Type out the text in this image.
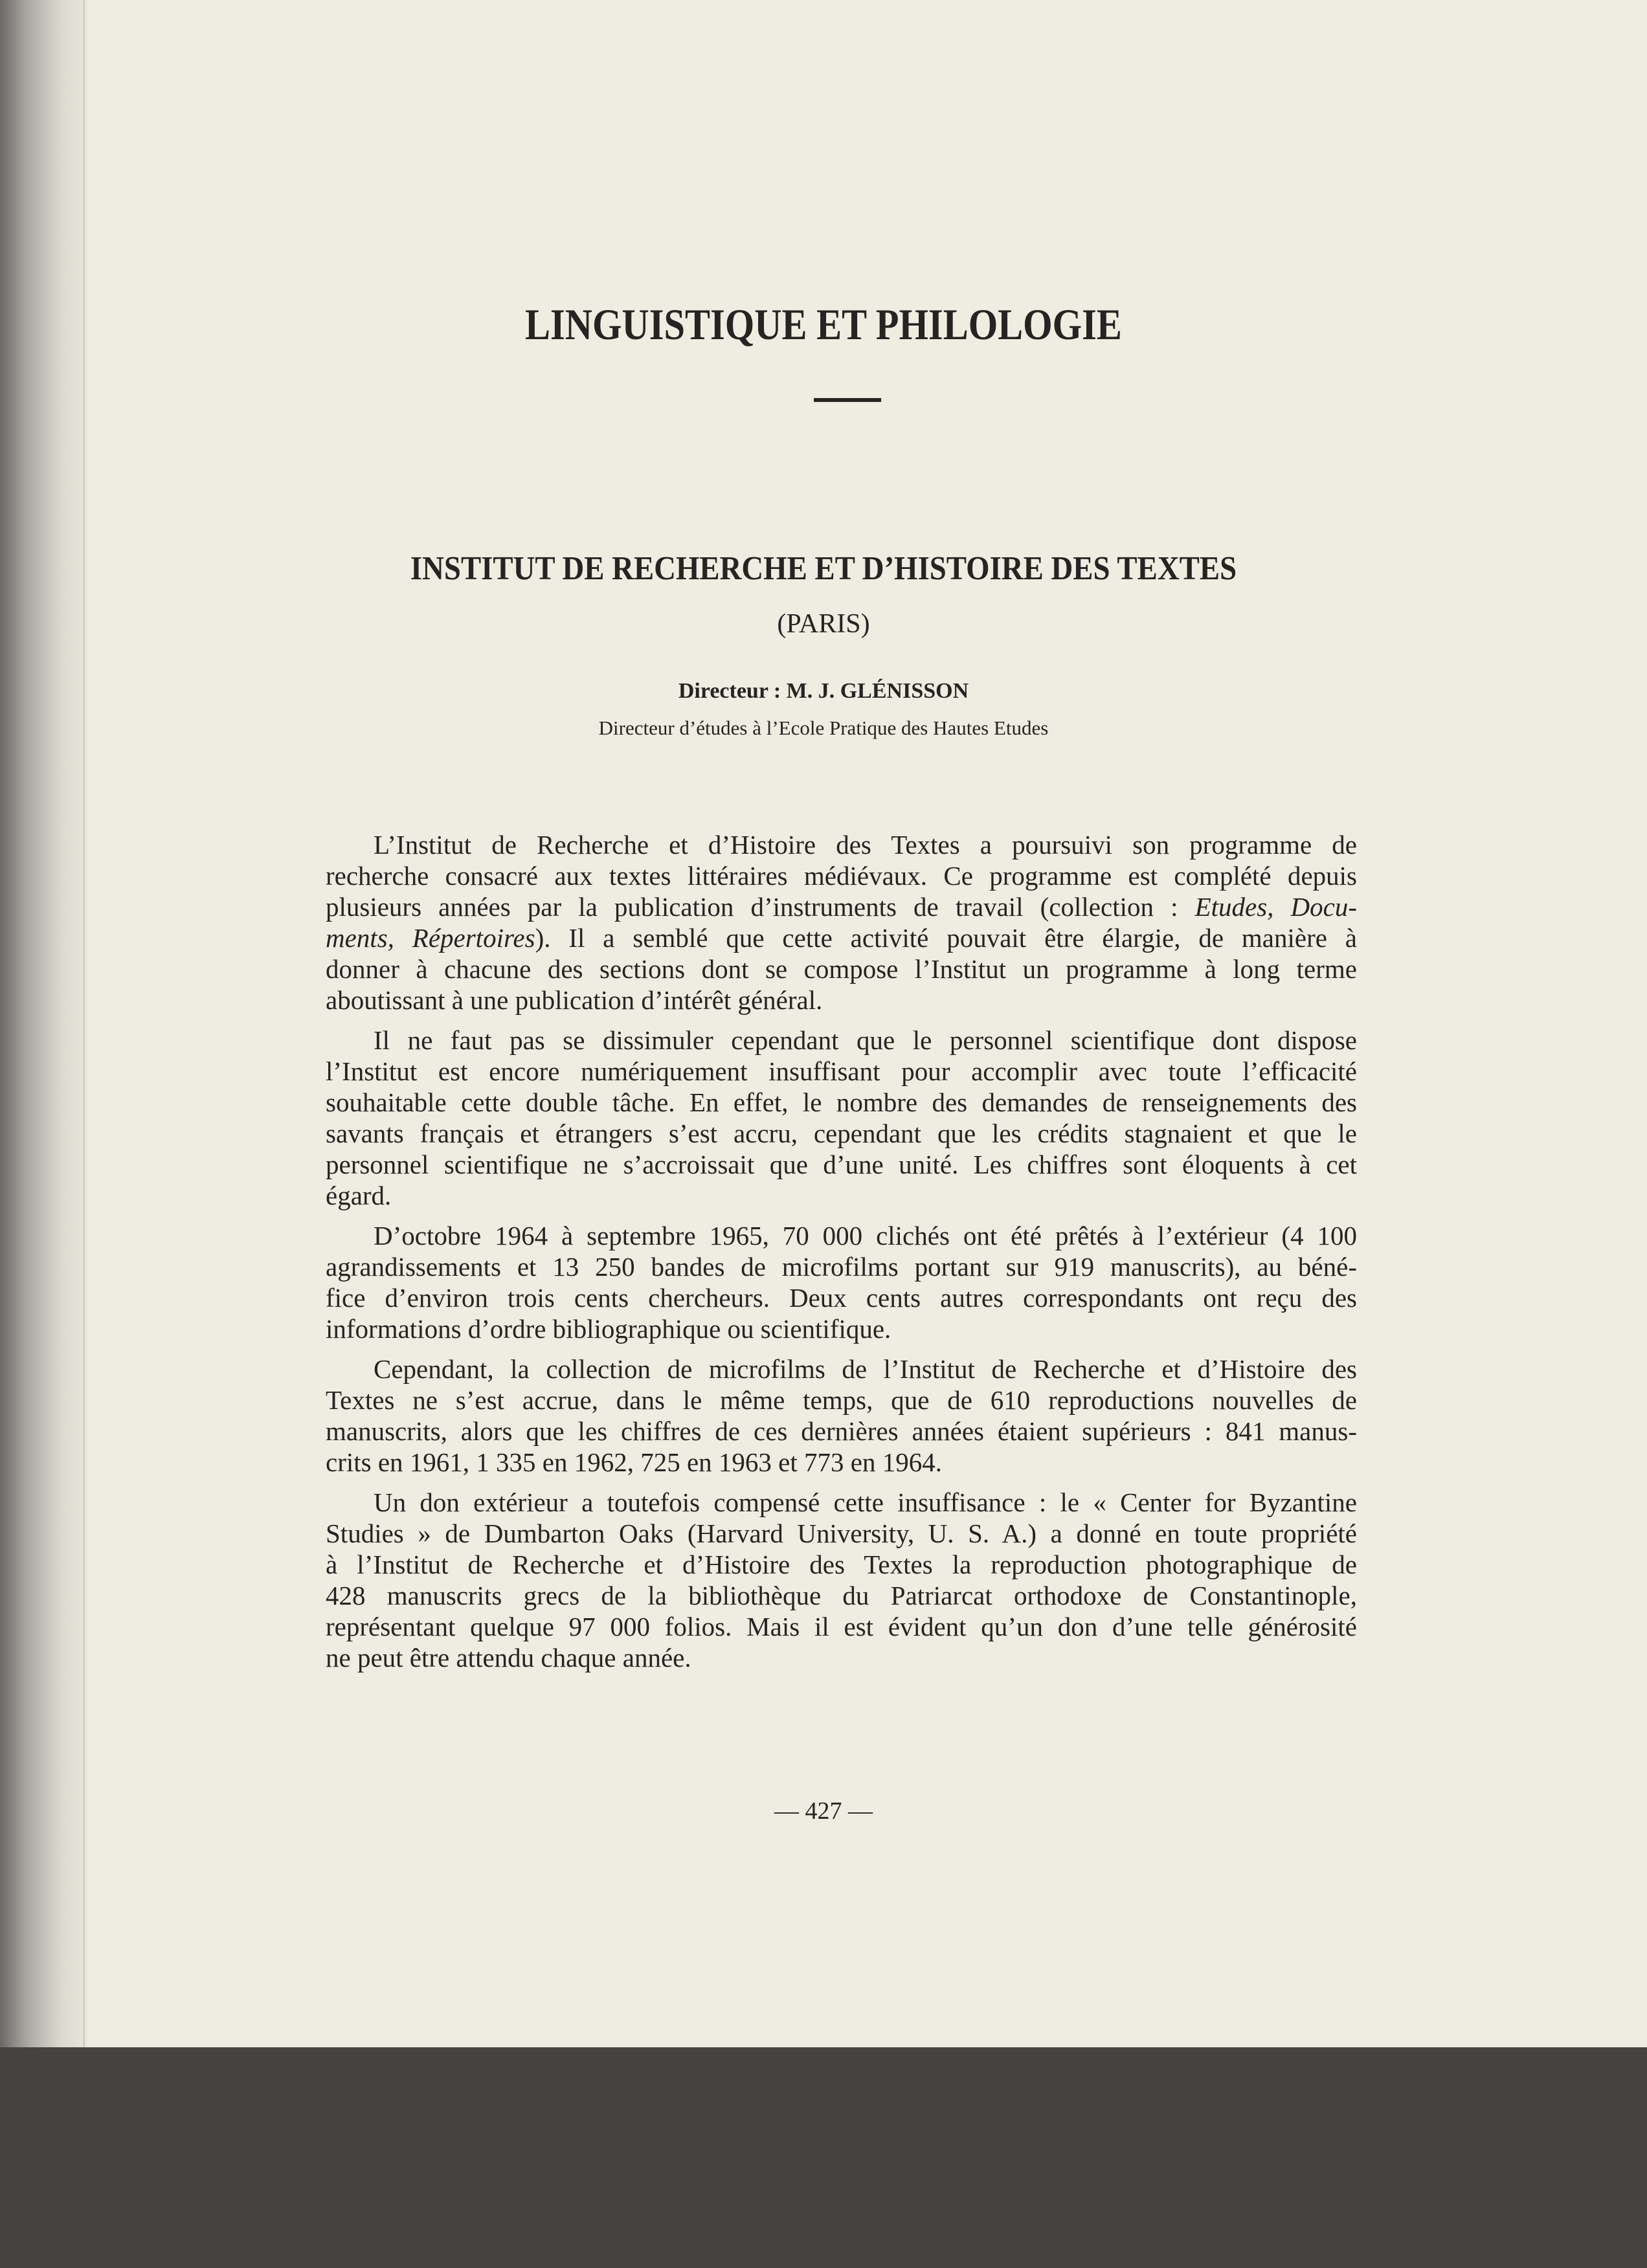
LINGUISTIQUE ET PHILOLOGIE
INSTITUT DE RECHERCHE ET D’HISTOIRE DES TEXTES
(PARIS)
Directeur : M. J. GLÉNISSON
Directeur d’études à l’Ecole Pratique des Hautes Etudes
L’Institut de Recherche et d’Histoire des Textes a poursuivi son programme de
recherche consacré aux textes littéraires médiévaux. Ce programme est complété depuis
plusieurs années par la publication d’instruments de travail (collection : Etudes, Docu-
ments, Répertoires). Il a semblé que cette activité pouvait être élargie, de manière à
donner à chacune des sections dont se compose l’Institut un programme à long terme
aboutissant à une publication d’intérêt général.
Il ne faut pas se dissimuler cependant que le personnel scientifique dont dispose
l’Institut est encore numériquement insuffisant pour accomplir avec toute l’efficacité
souhaitable cette double tâche. En effet, le nombre des demandes de renseignements des
savants français et étrangers s’est accru, cependant que les crédits stagnaient et que le
personnel scientifique ne s’accroissait que d’une unité. Les chiffres sont éloquents à cet
égard.
D’octobre 1964 à septembre 1965, 70 000 clichés ont été prêtés à l’extérieur (4 100
agrandissements et 13 250 bandes de microfilms portant sur 919 manuscrits), au béné-
fice d’environ trois cents chercheurs. Deux cents autres correspondants ont reçu des
informations d’ordre bibliographique ou scientifique.
Cependant, la collection de microfilms de l’Institut de Recherche et d’Histoire des
Textes ne s’est accrue, dans le même temps, que de 610 reproductions nouvelles de
manuscrits, alors que les chiffres de ces dernières années étaient supérieurs : 841 manus-
crits en 1961, 1 335 en 1962, 725 en 1963 et 773 en 1964.
Un don extérieur a toutefois compensé cette insuffisance : le « Center for Byzantine
Studies » de Dumbarton Oaks (Harvard University, U. S. A.) a donné en toute propriété
à l’Institut de Recherche et d’Histoire des Textes la reproduction photographique de
428 manuscrits grecs de la bibliothèque du Patriarcat orthodoxe de Constantinople,
représentant quelque 97 000 folios. Mais il est évident qu’un don d’une telle générosité
ne peut être attendu chaque année.
— 427 —
